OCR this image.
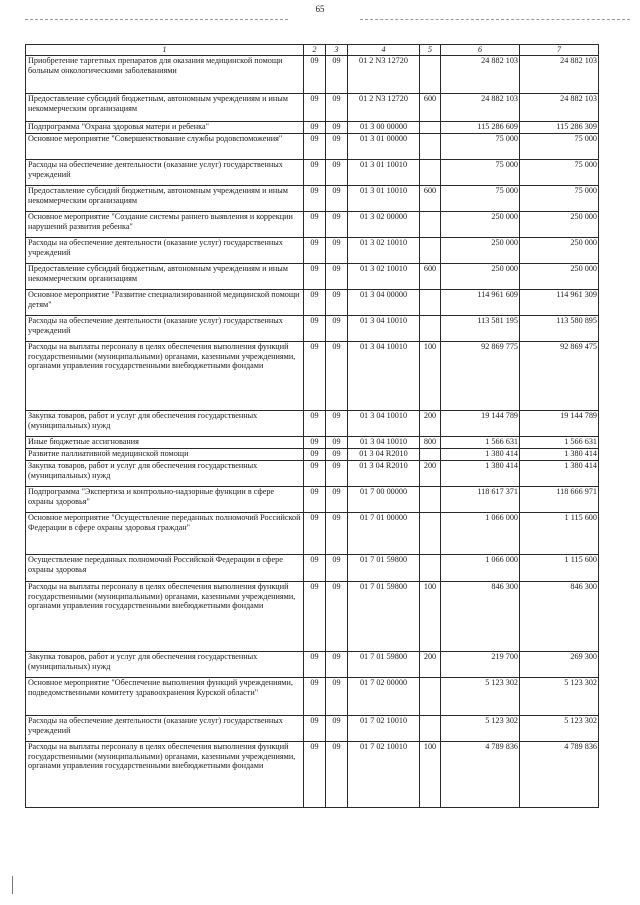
65
1	2	3	4	5	6	7
Приобретение таргетных препаратов для оказания медицинской помощи больным онкологическими заболеваниями	09	09	01 2 N3 12720		24 882 103	24 882 103
Предоставление субсидий бюджетным, автономным учреждениям и иным некоммерческим организациям	09	09	01 2 N3 12720	600	24 882 103	24 882 103
Подпрограмма "Охрана здоровья матери и ребенка"	09	09	01 3 00 00000		115 286 609	115 286 309
Основное мероприятие "Совершенствование службы родовспоможения"	09	09	01 3 01 00000		75 000	75 000
Расходы на обеспечение деятельности (оказание услуг) государственных учреждений	09	09	01 3 01 10010		75 000	75 000
Предоставление субсидий бюджетным, автономным учреждениям и иным некоммерческим организациям	09	09	01 3 01 10010	600	75 000	75 000
Основное мероприятие "Создание системы раннего выявления и коррекции нарушений развития ребенка"	09	09	01 3 02 00000		250 000	250 000
Расходы на обеспечение деятельности (оказание услуг) государственных учреждений	09	09	01 3 02 10010		250 000	250 000
Предоставление субсидий бюджетным, автономным учреждениям и иным некоммерческим организациям	09	09	01 3 02 10010	600	250 000	250 000
Основное мероприятие "Развитие специализированной медицинской помощи детям"	09	09	01 3 04 00000		114 961 609	114 961 309
Расходы на обеспечение деятельности (оказание услуг) государственных учреждений	09	09	01 3 04 10010		113 581 195	113 580 895
Расходы на выплаты персоналу в целях обеспечения выполнения функций государственными (муниципальными) органами, казенными учреждениями, органами управления государственными внебюджетными фондами	09	09	01 3 04 10010	100	92 869 775	92 869 475
Закупка товаров, работ и услуг для обеспечения государственных (муниципальных) нужд	09	09	01 3 04 10010	200	19 144 789	19 144 789
Иные бюджетные ассигнования	09	09	01 3 04 10010	800	1 566 631	1 566 631
Развитие паллиативной медицинской помощи	09	09	01 3 04 R2010		1 380 414	1 380 414
Закупка товаров, работ и услуг для обеспечения государственных (муниципальных) нужд	09	09	01 3 04 R2010	200	1 380 414	1 380 414
Подпрограмма "Экспертиза и контрольно-надзорные функции в сфере охраны здоровья"	09	09	01 7 00 00000		118 617 371	118 666 971
Основное мероприятие "Осуществление переданных полномочий Российской Федерации в сфере охраны здоровья граждан"	09	09	01 7 01 00000		1 066 000	1 115 600
Осуществление переданных полномочий Российской Федерации в сфере охраны здоровья	09	09	01 7 01 59800		1 066 000	1 115 600
Расходы на выплаты персоналу в целях обеспечения выполнения функций государственными (муниципальными) органами, казенными учреждениями, органами управления государственными внебюджетными фондами	09	09	01 7 01 59800	100	846 300	846 300
Закупка товаров, работ и услуг для обеспечения государственных (муниципальных) нужд	09	09	01 7 01 59800	200	219 700	269 300
Основное мероприятие "Обеспечение выполнения функций учреждениями, подведомственными комитету здравоохранения Курской области"	09	09	01 7 02 00000		5 123 302	5 123 302
Расходы на обеспечение деятельности (оказание услуг) государственных учреждений	09	09	01 7 02 10010		5 123 302	5 123 302
Расходы на выплаты персоналу в целях обеспечения выполнения функций государственными (муниципальными) органами, казенными учреждениями, органами управления государственными внебюджетными фондами	09	09	01 7 02 10010	100	4 789 836	4 789 836
